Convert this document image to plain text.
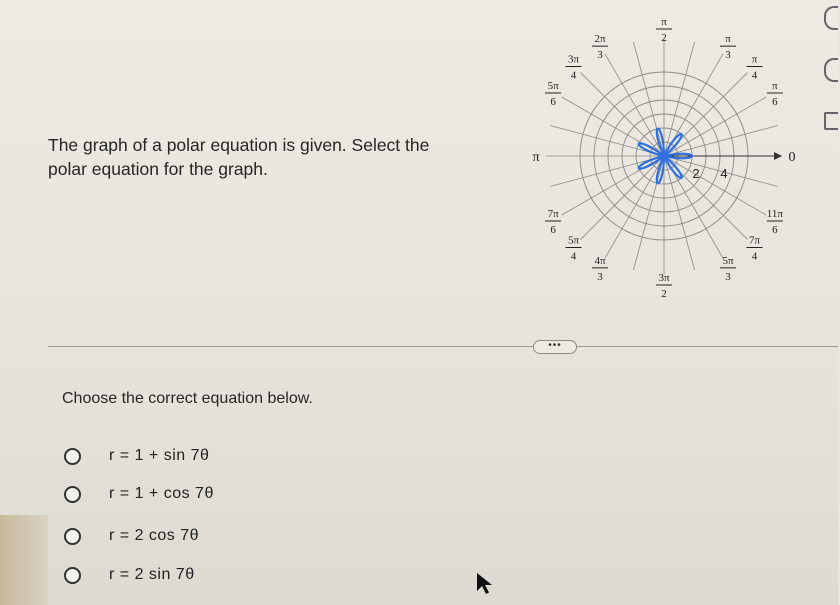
The graph of a polar equation is given. Select the polar equation for the graph.
π
2	π
3 π
4
π
6
0
11π
6
7π
4
5π
3
3π
2
4π
3
5π
4
7π
6
π
5π
6
3π
4
2π
3
2 4
•••
Choose the correct equation below.
r = 1 + sin 7θ
r = 1 + cos 7θ
r = 2 cos 7θ
r = 2 sin 7θ
